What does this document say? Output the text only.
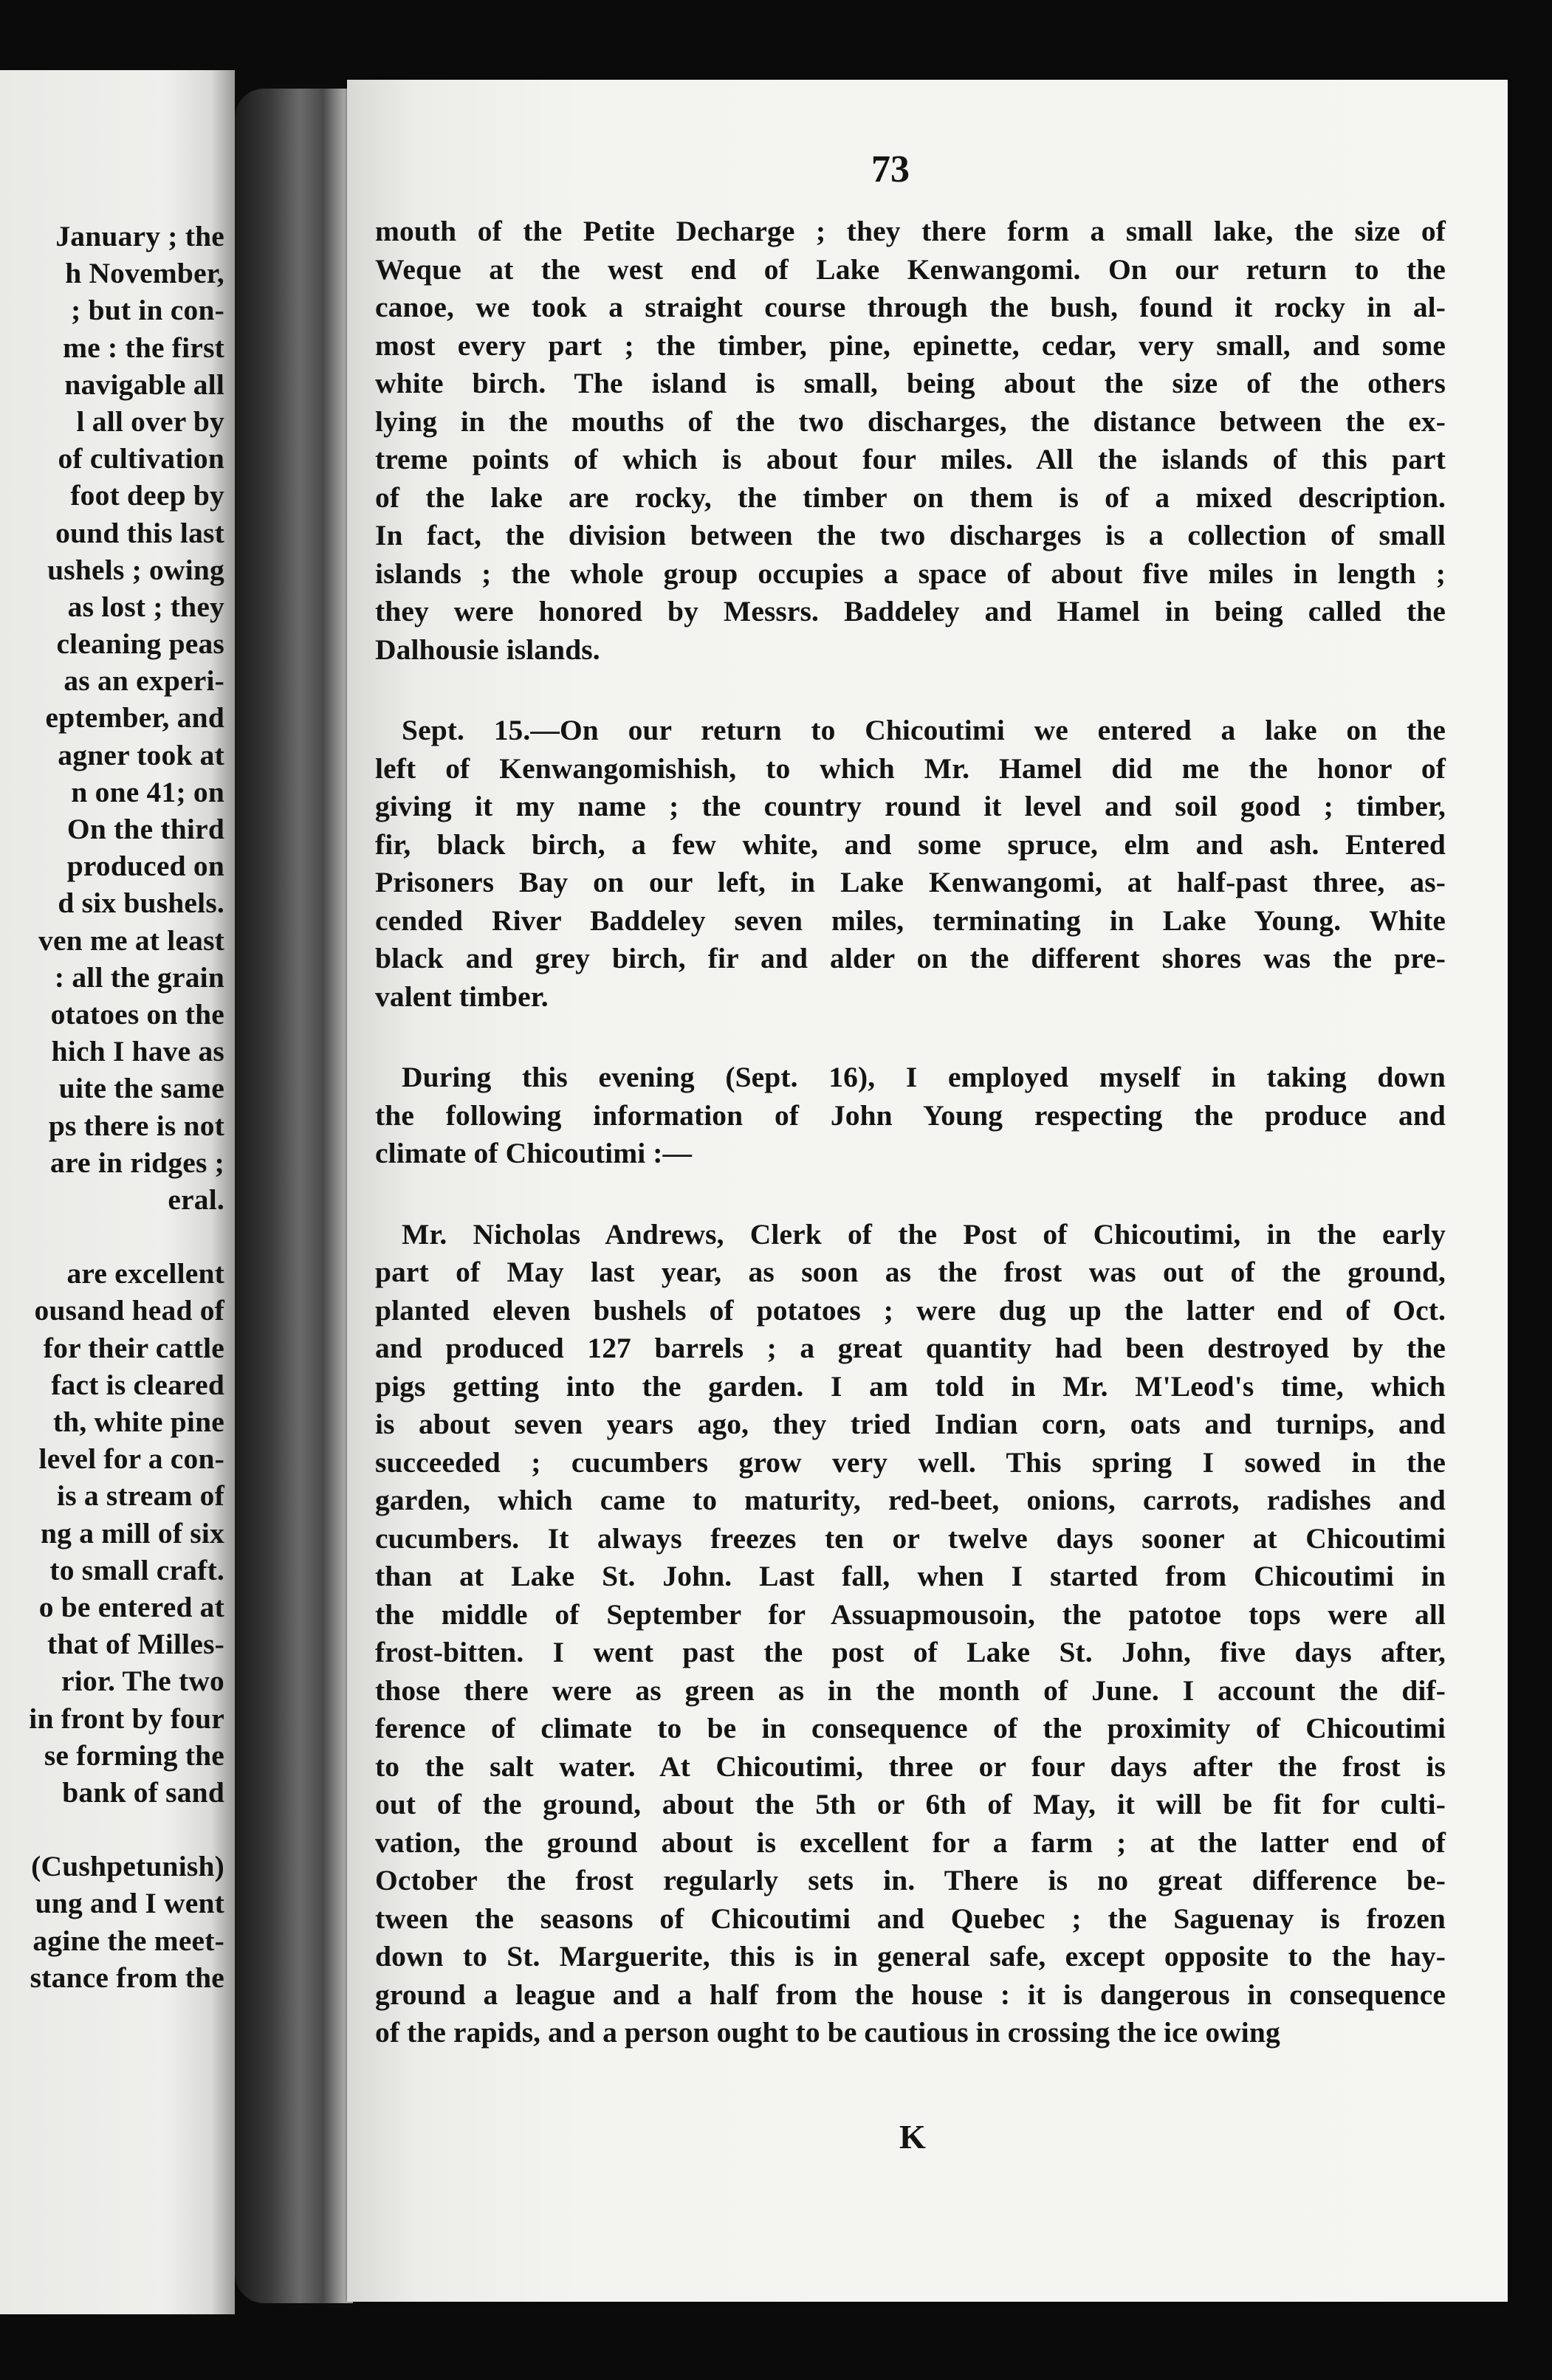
January ; the
h November,
; but in con-
me : the first
navigable all
l all over by
of cultivation
foot deep by
ound this last
ushels ; owing
as lost ; they
cleaning peas
as an experi-
eptember, and
agner took at
n one 41; on
On the third
produced on
d six bushels.
ven me at least
: all the grain
otatoes on the
hich I have as
uite the same
ps there is not
are in ridges ;
eral.
are excellent
ousand head of
for their cattle
fact is cleared
th, white pine
level for a con-
is a stream of
ng a mill of six
to small craft.
o be entered at
that of Milles-
rior. The two
in front by four
se forming the
bank of sand
(Cushpetunish)
ung and I went
agine the meet-
stance from the
73
mouth of the Petite Decharge ; they there form a small lake, the size of
Weque at the west end of Lake Kenwangomi. On our return to the
canoe, we took a straight course through the bush, found it rocky in al-
most every part ; the timber, pine, epinette, cedar, very small, and some
white birch. The island is small, being about the size of the others
lying in the mouths of the two discharges, the distance between the ex-
treme points of which is about four miles. All the islands of this part
of the lake are rocky, the timber on them is of a mixed description.
In fact, the division between the two discharges is a collection of small
islands ; the whole group occupies a space of about five miles in length ;
they were honored by Messrs. Baddeley and Hamel in being called the
Dalhousie islands.
Sept. 15.—On our return to Chicoutimi we entered a lake on the
left of Kenwangomishish, to which Mr. Hamel did me the honor of
giving it my name ; the country round it level and soil good ; timber,
fir, black birch, a few white, and some spruce, elm and ash. Entered
Prisoners Bay on our left, in Lake Kenwangomi, at half-past three, as-
cended River Baddeley seven miles, terminating in Lake Young. White
black and grey birch, fir and alder on the different shores was the pre-
valent timber.
During this evening (Sept. 16), I employed myself in taking down
the following information of John Young respecting the produce and
climate of Chicoutimi :—
Mr. Nicholas Andrews, Clerk of the Post of Chicoutimi, in the early
part of May last year, as soon as the frost was out of the ground,
planted eleven bushels of potatoes ; were dug up the latter end of Oct.
and produced 127 barrels ; a great quantity had been destroyed by the
pigs getting into the garden. I am told in Mr. M'Leod's time, which
is about seven years ago, they tried Indian corn, oats and turnips, and
succeeded ; cucumbers grow very well. This spring I sowed in the
garden, which came to maturity, red-beet, onions, carrots, radishes and
cucumbers. It always freezes ten or twelve days sooner at Chicoutimi
than at Lake St. John. Last fall, when I started from Chicoutimi in
the middle of September for Assuapmousoin, the patotoe tops were all
frost-bitten. I went past the post of Lake St. John, five days after,
those there were as green as in the month of June. I account the dif-
ference of climate to be in consequence of the proximity of Chicoutimi
to the salt water. At Chicoutimi, three or four days after the frost is
out of the ground, about the 5th or 6th of May, it will be fit for culti-
vation, the ground about is excellent for a farm ; at the latter end of
October the frost regularly sets in. There is no great difference be-
tween the seasons of Chicoutimi and Quebec ; the Saguenay is frozen
down to St. Marguerite, this is in general safe, except opposite to the hay-
ground a league and a half from the house : it is dangerous in consequence
of the rapids, and a person ought to be cautious in crossing the ice owing
K
